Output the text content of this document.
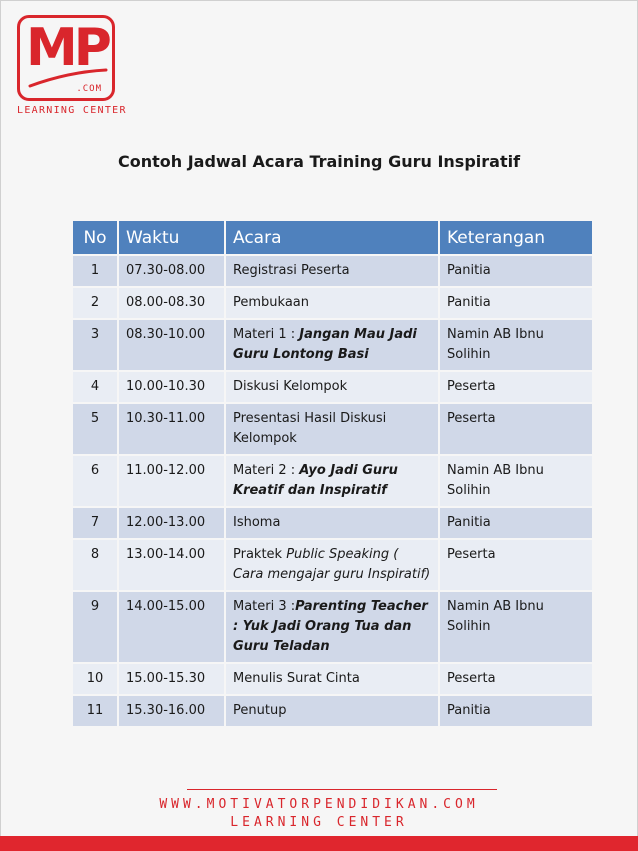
MP
.COM
LEARNING CENTER
Contoh Jadwal Acara Training Guru Inspiratif
No	Waktu	Acara	Keterangan
1	07.30-08.00	Registrasi Peserta	Panitia
2	08.00-08.30	Pembukaan	Panitia
3	08.30-10.00	Materi 1 : Jangan Mau Jadi Guru Lontong Basi	Namin AB Ibnu Solihin
4	10.00-10.30	Diskusi Kelompok	Peserta
5	10.30-11.00	Presentasi Hasil Diskusi Kelompok	Peserta
6	11.00-12.00	Materi 2 : Ayo Jadi Guru Kreatif dan Inspiratif	Namin AB Ibnu Solihin
7	12.00-13.00	Ishoma	Panitia
8	13.00-14.00	Praktek Public Speaking ( Cara mengajar guru Inspiratif)	Peserta
9	14.00-15.00	Materi 3 :Parenting Teacher : Yuk Jadi Orang Tua dan Guru Teladan	Namin AB Ibnu Solihin
10	15.00-15.30	Menulis Surat Cinta	Peserta
11	15.30-16.00	Penutup	Panitia
WWW.MOTIVATORPENDIDIKAN.COM
LEARNING CENTER
